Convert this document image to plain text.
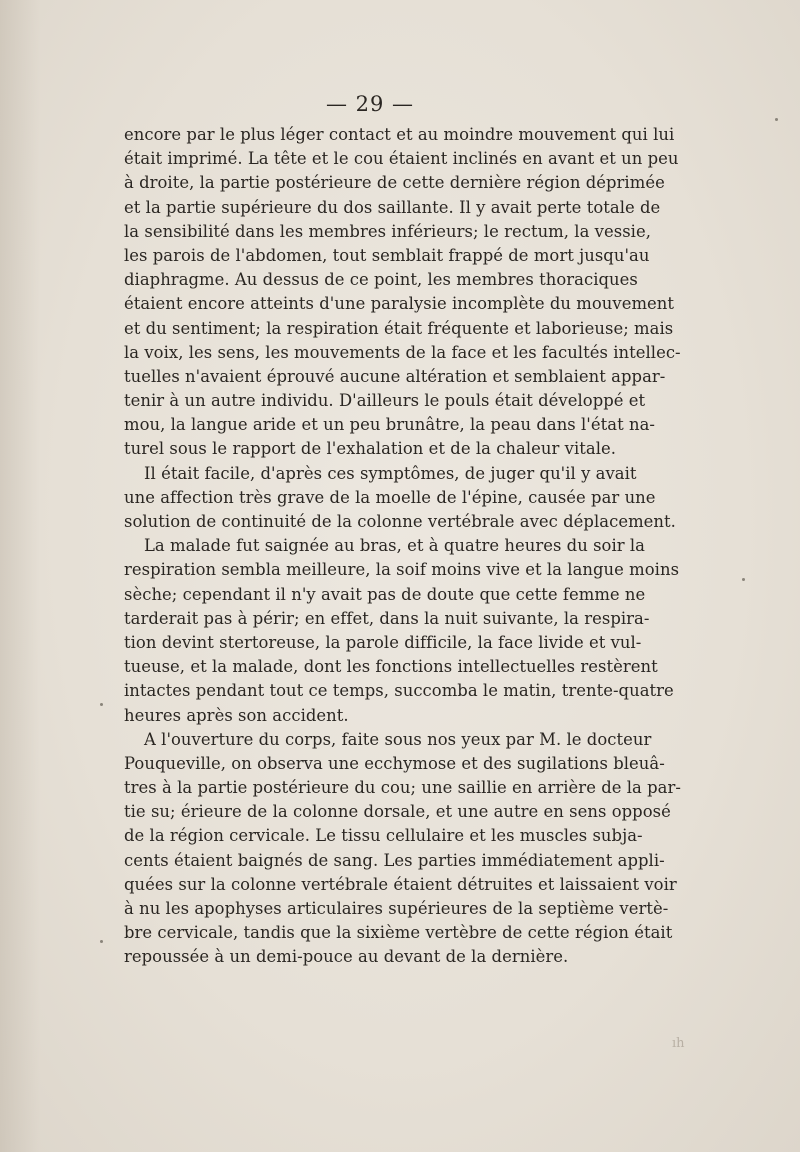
— 29 —
encore par le plus léger contact et au moindre mouvement qui lui
était imprimé. La tête et le cou étaient inclinés en avant et un peu
à droite, la partie postérieure de cette dernière région déprimée
et la partie supérieure du dos saillante. Il y avait perte totale de
la sensibilité dans les membres inférieurs; le rectum, la vessie,
les parois de l'abdomen, tout semblait frappé de mort jusqu'au
diaphragme. Au dessus de ce point, les membres thoraciques
étaient encore atteints d'une paralysie incomplète du mouvement
et du sentiment; la respiration était fréquente et laborieuse; mais
la voix, les sens, les mouvements de la face et les facultés intellec-
tuelles n'avaient éprouvé aucune altération et semblaient appar-
tenir à un autre individu. D'ailleurs le pouls était développé et
mou, la langue aride et un peu brunâtre, la peau dans l'état na-
turel sous le rapport de l'exhalation et de la chaleur vitale.
Il était facile, d'après ces symptômes, de juger qu'il y avait
une affection très grave de la moelle de l'épine, causée par une
solution de continuité de la colonne vertébrale avec déplacement.
La malade fut saignée au bras, et à quatre heures du soir la
respiration sembla meilleure, la soif moins vive et la langue moins
sèche; cependant il n'y avait pas de doute que cette femme ne
tarderait pas à périr; en effet, dans la nuit suivante, la respira-
tion devint stertoreuse, la parole difficile, la face livide et vul-
tueuse, et la malade, dont les fonctions intellectuelles restèrent
intactes pendant tout ce temps, succomba le matin, trente-quatre
heures après son accident.
A l'ouverture du corps, faite sous nos yeux par M. le docteur
Pouqueville, on observa une ecchymose et des sugilations bleuâ-
tres à la partie postérieure du cou; une saillie en arrière de la par-
tie su; érieure de la colonne dorsale, et une autre en sens opposé
de la région cervicale. Le tissu cellulaire et les muscles subja-
cents étaient baignés de sang. Les parties immédiatement appli-
quées sur la colonne vertébrale étaient détruites et laissaient voir
à nu les apophyses articulaires supérieures de la septième vertè-
bre cervicale, tandis que la sixième vertèbre de cette région était
repoussée à un demi-pouce au devant de la dernière.
ıh
